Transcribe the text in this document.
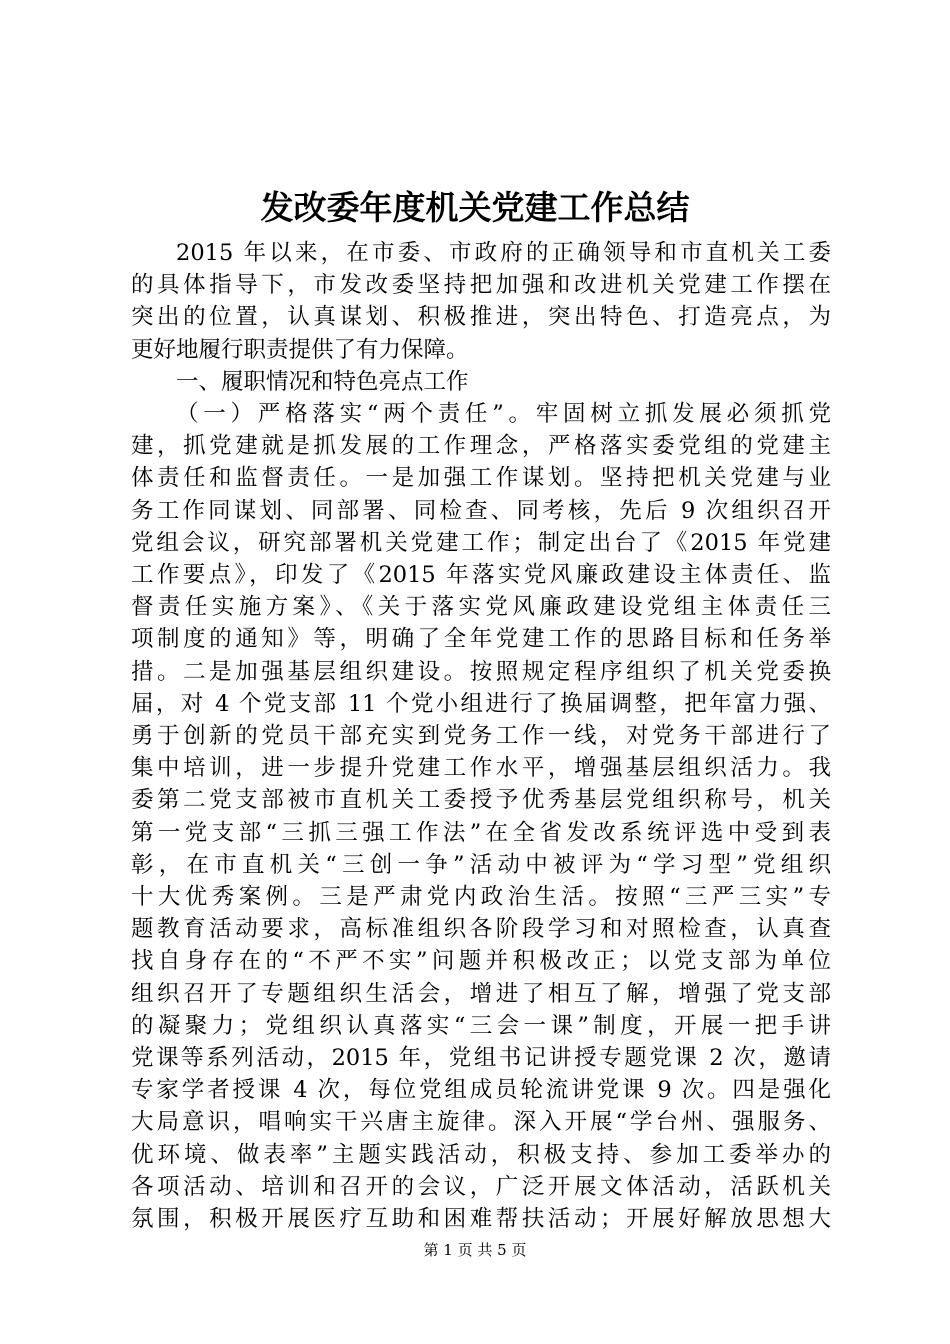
发改委年度机关党建工作总结
2015 年以来，在市委、市政府的正确领导和市直机关工委
的具体指导下，市发改委坚持把加强和改进机关党建工作摆在
突出的位置，认真谋划、积极推进，突出特色、打造亮点，为
更好地履行职责提供了有力保障。
一、履职情况和特色亮点工作
（一）严格落实“两个责任”。牢固树立抓发展必须抓党
建，抓党建就是抓发展的工作理念，严格落实委党组的党建主
体责任和监督责任。一是加强工作谋划。坚持把机关党建与业
务工作同谋划、同部署、同检查、同考核，先后 9 次组织召开
党组会议，研究部署机关党建工作；制定出台了《2015 年党建
工作要点》，印发了《2015 年落实党风廉政建设主体责任、监
督责任实施方案》、《关于落实党风廉政建设党组主体责任三
项制度的通知》等，明确了全年党建工作的思路目标和任务举
措。二是加强基层组织建设。按照规定程序组织了机关党委换
届，对 4 个党支部 11 个党小组进行了换届调整，把年富力强、
勇于创新的党员干部充实到党务工作一线，对党务干部进行了
集中培训，进一步提升党建工作水平，增强基层组织活力。我
委第二党支部被市直机关工委授予优秀基层党组织称号，机关
第一党支部“三抓三强工作法”在全省发改系统评选中受到表
彰，在市直机关“三创一争”活动中被评为“学习型”党组织
十大优秀案例。三是严肃党内政治生活。按照“三严三实”专
题教育活动要求，高标准组织各阶段学习和对照检查，认真查
找自身存在的“不严不实”问题并积极改正；以党支部为单位
组织召开了专题组织生活会，增进了相互了解，增强了党支部
的凝聚力；党组织认真落实“三会一课”制度，开展一把手讲
党课等系列活动，2015 年，党组书记讲授专题党课 2 次，邀请
专家学者授课 4 次，每位党组成员轮流讲党课 9 次。四是强化
大局意识，唱响实干兴唐主旋律。深入开展“学台州、强服务、
优环境、做表率”主题实践活动，积极支持、参加工委举办的
各项活动、培训和召开的会议，广泛开展文体活动，活跃机关
氛围，积极开展医疗互助和困难帮扶活动；开展好解放思想大
第 1 页 共 5 页
